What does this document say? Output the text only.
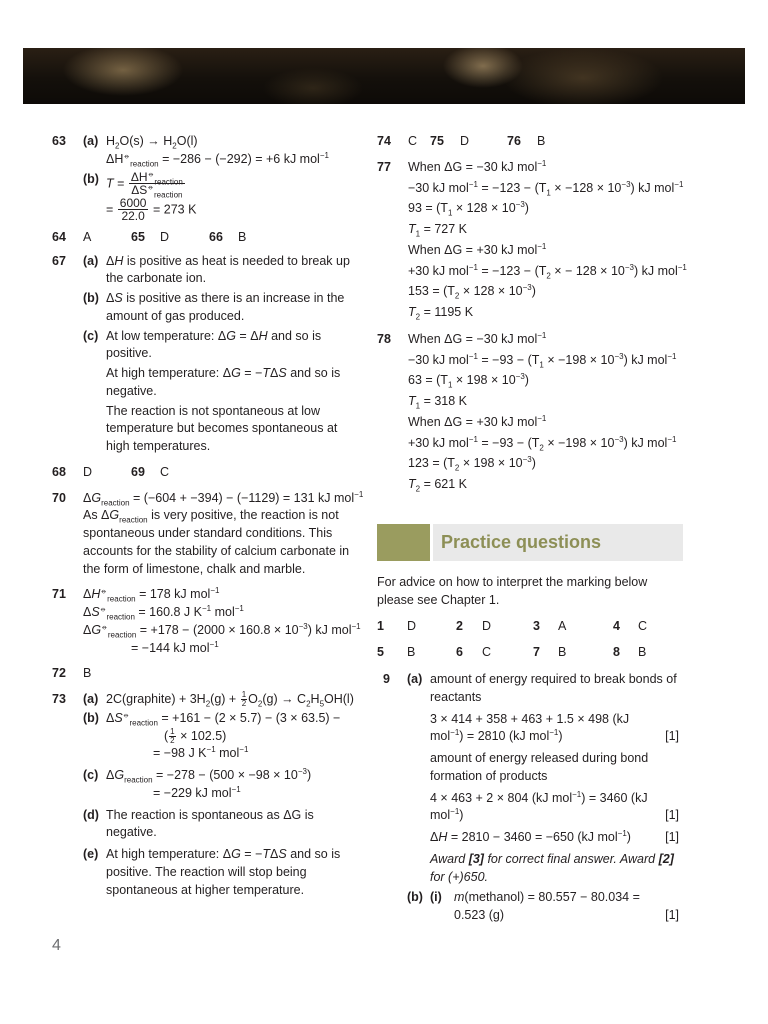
63 (a) $H_2O(s) \to H_2O(l)$
$\Delta H^⦵_{reaction} = -286 - (-292) = +6$ kJ mol$^{-1}$
(b) $T = \frac{\Delta H^⦵_{reaction}}{\Delta S^⦵_{reaction}}$
= $\frac{6000}{22.0} = 273$ K
64	A	65	D	66	B
67 (a) ΔH is positive as heat is needed to break up the carbonate ion.
(b) ΔS is positive as there is an increase in the amount of gas produced.
(c) At low temperature: ΔG = ΔH and so is positive.
At high temperature: ΔG = −TΔS and so is negative.
The reaction is not spontaneous at low temperature but becomes spontaneous at high temperatures.
68	D	69	C
70 $\Delta G_{reaction} = (-604 + -394) - (-1129) = 131$ kJ mol$^{-1}$
As $\Delta G_{reaction}$ is very positive, the reaction is not spontaneous under standard conditions. This accounts for the stability of calcium carbonate in the form of limestone, chalk and marble.
71 $\Delta H^⦵_{reaction} = 178$ kJ mol$^{-1}$
$\Delta S^⦵_{reaction} = 160.8$ J $K^{-1}$ mol$^{-1}$
$\Delta G^⦵_{reaction} = +178 - (2000 \times 160.8 \times 10^{-3})$ kJ mol$^{-1}$
= −144 kJ mol$^{-1}$
72 B
73 (a) 2C(graphite) + $3H_2(g) + \frac{1}{2} O_2(g) \to C_2H_5OH(l)$
(b) $\Delta S^⦵_{reaction} = +161 - (2 \times 5.7) - (3 \times 63.5)$ −
( $\frac{1}{2} \times 102.5$)
= −98 J $K^{-1}$ mol$^{-1}$
(c) $\Delta G_{reaction} = -278 - (500 \times -98 \times 10^{-3})$
= −229 kJ mol$^{-1}$
(d) The reaction is spontaneous as ΔG is negative.
(e) At high temperature: ΔG = −TΔS and so is positive. The reaction will stop being spontaneous at higher temperature.
74	C 75	D	76	B
77 When ΔG = −30 kJ mol$^{-1}$
−30 kJ $mol^{-1} = -123 - (T_1 \times -128 \times 10^{-3})$ kJ mol$^{-1}$
$93 = (T_1 \times 128 \times 10^{-3})$
$T_1 = 727$ K
When ΔG = +30 kJ mol$^{-1}$
+30 kJ $mol^{-1} = -123 - (T_2$ × − $128 \times 10^{-3}$) kJ mol$^{-1}$
$153 = (T_2 \times 128 \times 10^{-3})$
$T_2 = 1195$ K
78 When ΔG = −30 kJ mol$^{-1}$
−30 kJ $mol^{-1} = -93 - (T_1 \times -198 \times 10^{-3})$ kJ mol$^{-1}$
$63 = (T_1 \times 198 \times 10^{-3})$
$T_1 = 318$ K
When ΔG = +30 kJ mol$^{-1}$
+30 kJ $mol^{-1} = -93 - (T_2 \times -198 \times 10^{-3})$ kJ mol$^{-1}$
$123 = (T_2 \times 198 \times 10^{-3})$
$T_2 = 621$ K
Practice questions
For advice on how to interpret the marking below please see Chapter 1.
1	D	2	D	3	A	4	C
5	B	6	C	7	B	8	B
9 (a) amount of energy required to break bonds of reactants
3 × 414 + 358 + 463 + 1.5 × 498 (kJ mol$^{-1}$) = 2810 (kJ mol$^{-1}$)	[1]
amount of energy released during bond formation of products
4 × 463 + 2 × 804 (kJ mol$^{-1}$) = 3460 (kJ mol$^{-1}$)	[1]
ΔH = 2810 − 3460 = −650 (kJ mol$^{-1}$)	[1]
Award [3] for correct final answer. Award [2] for (+)650.
(b) (i) m(methanol) = 80.557 − 80.034 = 0.523 (g)	[1]
4
